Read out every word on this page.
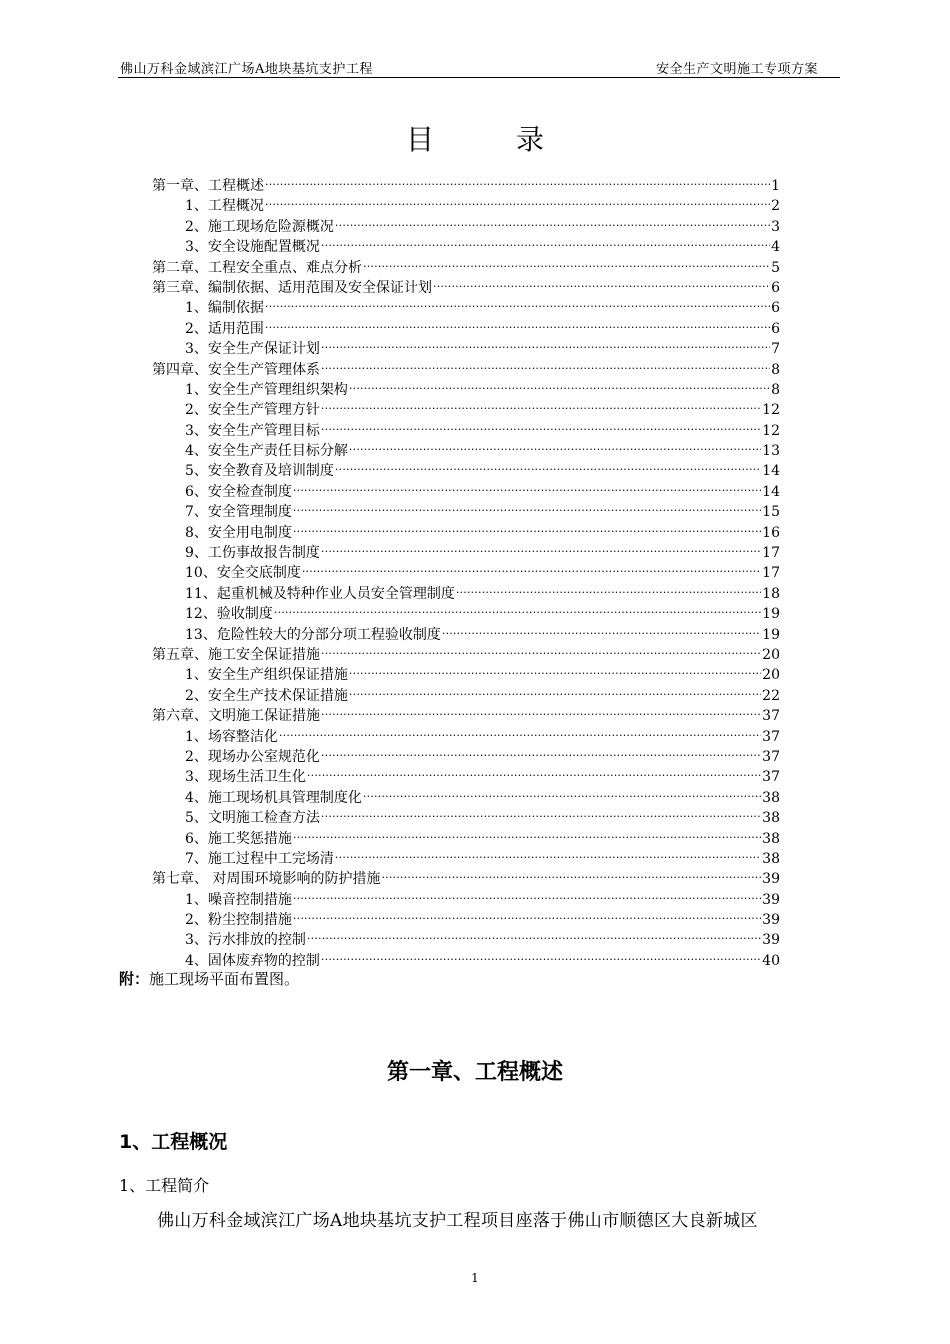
佛山万科金域滨江广场A地块基坑支护工程	安全生产文明施工专项方案
目	录
第一章、工程概述 .....	1
1、工程概况 .....	2
2、施工现场危险源概况 .....	3
3、安全设施配置概况 .....	4
第二章、工程安全重点、难点分析 .....	5
第三章、编制依据、适用范围及安全保证计划 .....	6
1、编制依据 .....	6
2、适用范围 .....	6
3、安全生产保证计划 .....	7
第四章、安全生产管理体系 .....	8
1、安全生产管理组织架构 .....	8
2、安全生产管理方针 .....	12
3、安全生产管理目标 .....	12
4、安全生产责任目标分解 .....	13
5、安全教育及培训制度 .....	14
6、安全检查制度 .....	14
7、安全管理制度 .....	15
8、安全用电制度 .....	16
9、工伤事故报告制度 .....	17
10、安全交底制度 .....	17
11、起重机械及特种作业人员安全管理制度 .....	18
12、验收制度 .....	19
13、危险性较大的分部分项工程验收制度 .....	19
第五章、施工安全保证措施 .....	20
1、安全生产组织保证措施 .....	20
2、安全生产技术保证措施 .....	22
第六章、文明施工保证措施 .....	37
1、场容整洁化 .....	37
2、现场办公室规范化 .....	37
3、现场生活卫生化 .....	37
4、施工现场机具管理制度化 .....	38
5、文明施工检查方法 .....	38
6、施工奖惩措施 .....	38
7、施工过程中工完场清 .....	38
第七章、 对周围环境影响的防护措施 .....	39
1、噪音控制措施 .....	39
2、粉尘控制措施 .....	39
3、污水排放的控制 .....	39
4、固体废弃物的控制 .....	40
附：施工现场平面布置图。
第一章、工程概述
1、工程概况
1、工程简介
佛山万科金域滨江广场A地块基坑支护工程项目座落于佛山市顺德区大良新城区
1
